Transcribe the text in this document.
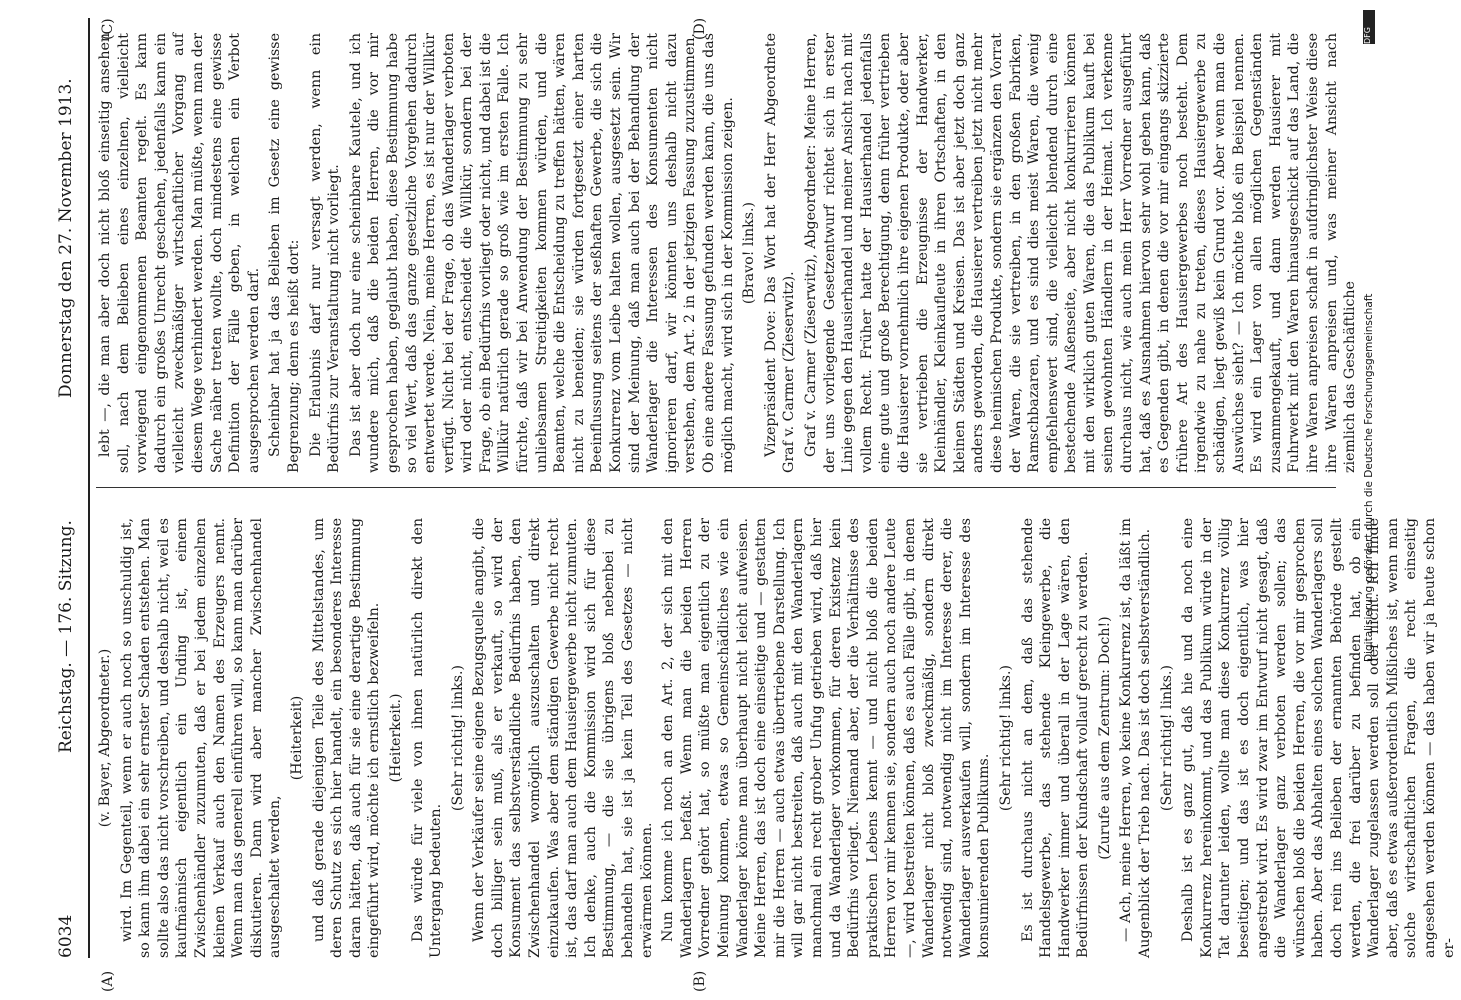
6034
Reichstag. — 176. Sitzung.
Donnerstag den 27. November 1913.

(v. Bayer, Abgeordneter.) wird. Im Gegenteil, wenn er auch noch so unschuldig ist, so kann ihm dabei ein sehr ernster Schaden entstehen. Man sollte also das nicht vorschreiben, und deshalb nicht, weil es kaufmännisch eigentlich ein Unding ist, einem Zwischenhändler zuzumuten, daß er bei jedem einzelnen kleinen Verkauf auch den Namen des Erzeugers nennt. Wenn man das generell einführen will, so kann man darüber diskutieren. Dann wird aber mancher Zwischenhandel ausgeschaltet werden,

(Heiterkeit) und daß gerade diejenigen Teile des Mittelstandes, um deren Schutz es sich hier handelt, ein besonderes Interesse daran hätten, daß auch für sie eine derartige Bestimmung eingeführt wird, möchte ich ernstlich bezweifeln. (Heiterkeit.) Das würde für viele von ihnen natürlich direkt den Untergang bedeuten.

(Sehr richtig! links.) Wenn der Verkäufer seine eigene Bezugsquelle angibt, die doch billiger sein muß, als er verkauft, so wird der Konsument das selbstverständliche Bedürfnis haben, den Zwischenhandel womöglich auszuschalten und direkt einzukaufen. Was aber dem ständigen Gewerbe nicht recht ist, das darf man auch dem Hausiergewerbe nicht zumuten. Ich denke, auch die Kommission wird sich für diese Bestimmung, — die sie übrigens bloß nebenbei zu behandeln hat, sie ist ja kein Teil des Gesetzes — nicht erwärmen können. Nun komme ich noch an den Art. 2, der sich mit den Wanderlagern befaßt. Wenn man die beiden Herren Vorredner gehört hat, so müßte man eigentlich zu der Meinung kommen, etwas so Gemeinschädliches wie ein Wanderlager könne man überhaupt nicht leicht aufweisen. Meine Herren, das ist doch eine einseitige und — gestatten mir die Herren — auch etwas übertriebene Darstellung. Ich will gar nicht bestreiten, daß auch mit den Wanderlagern manchmal ein recht grober Unfug getrieben wird, daß hier und da Wanderlager vorkommen, für deren Existenz kein Bedürfnis vorliegt. Niemand aber, der die Verhältnisse des praktischen Lebens kennt — und nicht bloß die beiden Herren vor mir kennen sie, sondern auch noch andere Leute —, wird bestreiten können, daß es auch Fälle gibt, in denen Wanderlager nicht bloß zweckmäßig, sondern direkt notwendig sind, notwendig nicht im Interesse derer, die Wanderlager ausverkaufen will, sondern im Interesse des konsumierenden Publikums.

(Sehr richtig! links.) Es ist durchaus nicht an dem, daß das stehende Handelsgewerbe, das stehende Kleingewerbe, die Handwerker immer und überall in der Lage wären, den Bedürfnissen der Kundschaft vollauf gerecht zu werden. (Zurufe aus dem Zentrum: Doch!) — Ach, meine Herren, wo keine Konkurrenz ist, da läßt im Augenblick der Trieb nach. Das ist doch selbstverständlich. (Sehr richtig! links.) Deshalb ist es ganz gut, daß hie und da noch eine Konkurrenz hereinkommt, und das Publikum würde in der Tat darunter leiden, wollte man diese Konkurrenz völlig beseitigen; und das ist es doch eigentlich, was hier angestrebt wird. Es wird zwar im Entwurf nicht gesagt, daß die Wanderlager ganz verboten werden sollen; das wünschen bloß die beiden Herren, die vor mir gesprochen haben. Aber das Abhalten eines solchen Wanderlagers soll doch rein ins Belieben der ernannten Behörde gestellt werden, die frei darüber zu befinden hat, ob ein Wanderlager zugelassen werden soll oder nicht. Ich finde aber, daß es etwas außerordentlich Mißliches ist, wenn man solche wirtschaftlichen Fragen, die recht einseitig angesehen werden können — das haben wir ja heute schon er-

lebt —, die man aber doch nicht bloß einseitig ansehen soll, nach dem Belieben eines einzelnen, vielleicht vorwiegend eingenommenen Beamten regelt. Es kann dadurch ein großes Unrecht geschehen, jedenfalls kann ein vielleicht zweckmäßiger wirtschaftlicher Vorgang auf diesem Wege verhindert werden. Man müßte, wenn man der Sache näher treten wollte, doch mindestens eine gewisse Definition der Fälle geben, in welchen ein Verbot ausgesprochen werden darf. Scheinbar hat ja das Belieben im Gesetz eine gewisse Begrenzung; denn es heißt dort: Die Erlaubnis darf nur versagt werden, wenn ein Bedürfnis zur Veranstaltung nicht vorliegt. Das ist aber doch nur eine scheinbare Kautele, und ich wundere mich, daß die beiden Herren, die vor mir gesprochen haben, geglaubt haben, diese Bestimmung habe so viel Wert, daß das ganze gesetzliche Vorgehen dadurch entwertet werde. Nein, meine Herren, es ist nur der Willkür verfügt. Nicht bei der Frage, ob das Wanderlager verboten wird oder nicht, entscheidet die Willkür, sondern bei der Frage, ob ein Bedürfnis vorliegt oder nicht, und dabei ist die Willkür natürlich gerade so groß wie im ersten Falle. Ich fürchte, daß wir bei Anwendung der Bestimmung zu sehr unliebsamen Streitigkeiten kommen würden, und die Beamten, welche die Entscheidung zu treffen hätten, wären nicht zu beneiden; sie würden fortgesetzt einer harten Beeinflussung seitens der seßhaften Gewerbe, die sich die Konkurrenz vom Leibe halten wollen, ausgesetzt sein. Wir sind der Meinung, daß man auch bei der Behandlung der Wanderlager die Interessen des Konsumenten nicht ignorieren darf, wir könnten uns deshalb nicht dazu verstehen, dem Art. 2 in der jetzigen Fassung zuzustimmen. Ob eine andere Fassung gefunden werden kann, die uns das möglich macht, wird sich in der Kommission zeigen. (Bravo! links.) Vizepräsident Dove: Das Wort hat der Herr Abgeordnete Graf v. Carmer (Zieserwitz). Graf v. Carmer (Zieserwitz), Abgeordneter: Meine Herren, der uns vorliegende Gesetzentwurf richtet sich in erster Linie gegen den Hausierhandel und meiner Ansicht nach mit vollem Recht. Früher hatte der Hausierhandel jedenfalls eine gute und große Berechtigung, denn früher vertrieben die Hausierer vornehmlich ihre eigenen Produkte, oder aber sie vertrieben die Erzeugnisse der Handwerker, Kleinhändler, Kleinkaufleute in ihren Ortschaften, in den kleinen Städten und Kreisen. Das ist aber jetzt doch ganz anders geworden, die Hausierer vertreiben jetzt nicht mehr diese heimischen Produkte, sondern sie ergänzen den Vorrat der Waren, die sie vertreiben, in den großen Fabriken, Ramschbazaren, und es sind dies meist Waren, die wenig empfehlenswert sind, die vielleicht blendend durch eine bestechende Außenseite, aber nicht konkurrieren können mit den wirklich guten Waren, die das Publikum kauft bei seinen gewohnten Händlern in der Heimat. Ich verkenne durchaus nicht, wie auch mein Herr Vorredner ausgeführt hat, daß es Ausnahmen hiervon sehr wohl geben kann, daß es Gegenden gibt, in denen die vor mir eingangs skizzierte frühere Art des Hausiergewerbes noch besteht. Dem irgendwie zu nahe zu treten, dieses Hausiergewerbe zu schädigen, liegt gewiß kein Grund vor. Aber wenn man die Auswüchse sieht? — Ich möchte bloß ein Beispiel nennen. Es wird ein Lager von allen möglichen Gegenständen zusammengekauft, und dann werden Hausierer mit Fuhrwerk mit den Waren hinausgeschickt auf das Land, die ihre Waren anpreisen schaft in aufdringlichster Weise diese ihre Waren anpreisen und, was meiner Ansicht nach ziemlich das Geschäftliche

(A)	(B)
(C)	(D)	DFG
Digitalisierung gefördert durch die Deutsche Forschungsgemeinschaft
